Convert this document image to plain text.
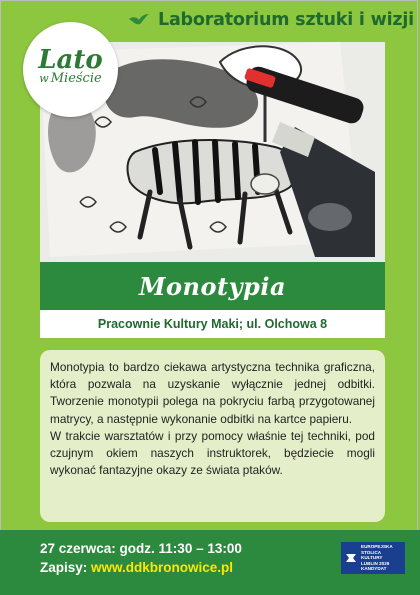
Laboratorium sztuki i wizji
Lato
w Mieście
Monotypia
Pracownie Kultury Maki; ul. Olchowa 8

Monotypia to bardzo ciekawa artystyczna technika graficzna, która pozwala na uzyskanie wyłącznie jednej odbitki. Tworzenie monotypii polega na pokryciu farbą przygotowanej matrycy, a następnie wykonanie odbitki na kartce papieru.

W trakcie warsztatów i przy pomocy właśnie tej techniki, pod czujnym okiem naszych instruktorek, będziecie mogli wykonać fantazyjne okazy ze świata ptaków.

27 czerwca: godz. 11:30 – 13:00
Zapisy: www.ddkbronowice.pl
EUROPEJSKA
STOLICA
KULTURY
LUBLIN 2029
KANDYDAT
